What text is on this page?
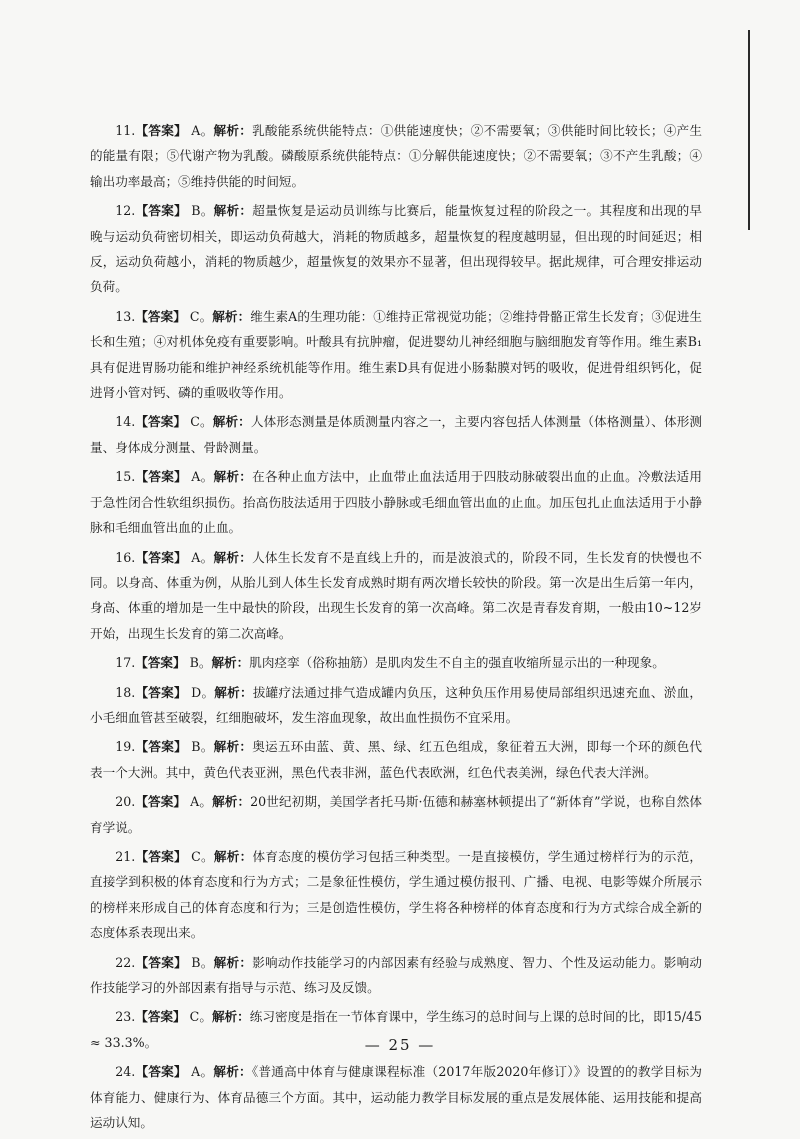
11.【答案】 A。解析：乳酸能系统供能特点：①供能速度快；②不需要氧；③供能时间比较长；④产生的能量有限；⑤代谢产物为乳酸。磷酸原系统供能特点：①分解供能速度快；②不需要氧；③不产生乳酸；④输出功率最高；⑤维持供能的时间短。

12.【答案】 B。解析：超量恢复是运动员训练与比赛后，能量恢复过程的阶段之一。其程度和出现的早晚与运动负荷密切相关，即运动负荷越大，消耗的物质越多，超量恢复的程度越明显，但出现的时间延迟；相反，运动负荷越小，消耗的物质越少，超量恢复的效果亦不显著，但出现得较早。据此规律，可合理安排运动负荷。

13.【答案】 C。解析：维生素A的生理功能：①维持正常视觉功能；②维持骨骼正常生长发育；③促进生长和生殖；④对机体免疫有重要影响。叶酸具有抗肿瘤，促进婴幼儿神经细胞与脑细胞发育等作用。维生素B₁具有促进胃肠功能和维护神经系统机能等作用。维生素D具有促进小肠黏膜对钙的吸收，促进骨组织钙化，促进肾小管对钙、磷的重吸收等作用。

14.【答案】 C。解析：人体形态测量是体质测量内容之一，主要内容包括人体测量（体格测量）、体形测量、身体成分测量、骨龄测量。

15.【答案】 A。解析：在各种止血方法中，止血带止血法适用于四肢动脉破裂出血的止血。冷敷法适用于急性闭合性软组织损伤。抬高伤肢法适用于四肢小静脉或毛细血管出血的止血。加压包扎止血法适用于小静脉和毛细血管出血的止血。

16.【答案】 A。解析：人体生长发育不是直线上升的，而是波浪式的，阶段不同，生长发育的快慢也不同。以身高、体重为例，从胎儿到人体生长发育成熟时期有两次增长较快的阶段。第一次是出生后第一年内，身高、体重的增加是一生中最快的阶段，出现生长发育的第一次高峰。第二次是青春发育期，一般由10~12岁开始，出现生长发育的第二次高峰。

17.【答案】 B。解析：肌肉痉挛（俗称抽筋）是肌肉发生不自主的强直收缩所显示出的一种现象。

18.【答案】 D。解析：拔罐疗法通过排气造成罐内负压，这种负压作用易使局部组织迅速充血、淤血，小毛细血管甚至破裂，红细胞破坏，发生溶血现象，故出血性损伤不宜采用。

19.【答案】 B。解析：奥运五环由蓝、黄、黑、绿、红五色组成，象征着五大洲，即每一个环的颜色代表一个大洲。其中，黄色代表亚洲，黑色代表非洲，蓝色代表欧洲，红色代表美洲，绿色代表大洋洲。

20.【答案】 A。解析：20世纪初期，美国学者托马斯·伍德和赫塞林顿提出了“新体育”学说，也称自然体育学说。

21.【答案】 C。解析：体育态度的模仿学习包括三种类型。一是直接模仿，学生通过榜样行为的示范，直接学到积极的体育态度和行为方式；二是象征性模仿，学生通过模仿报刊、广播、电视、电影等媒介所展示的榜样来形成自己的体育态度和行为；三是创造性模仿，学生将各种榜样的体育态度和行为方式综合成全新的态度体系表现出来。

22.【答案】 B。解析：影响动作技能学习的内部因素有经验与成熟度、智力、个性及运动能力。影响动作技能学习的外部因素有指导与示范、练习及反馈。

23.【答案】 C。解析：练习密度是指在一节体育课中，学生练习的总时间与上课的总时间的比，即15/45 ≈ 33.3%。

24.【答案】 A。解析：《普通高中体育与健康课程标准（2017年版2020年修订）》设置的的教学目标为体育能力、健康行为、体育品德三个方面。其中，运动能力教学目标发展的重点是发展体能、运用技能和提高运动认知。

— 25 —
